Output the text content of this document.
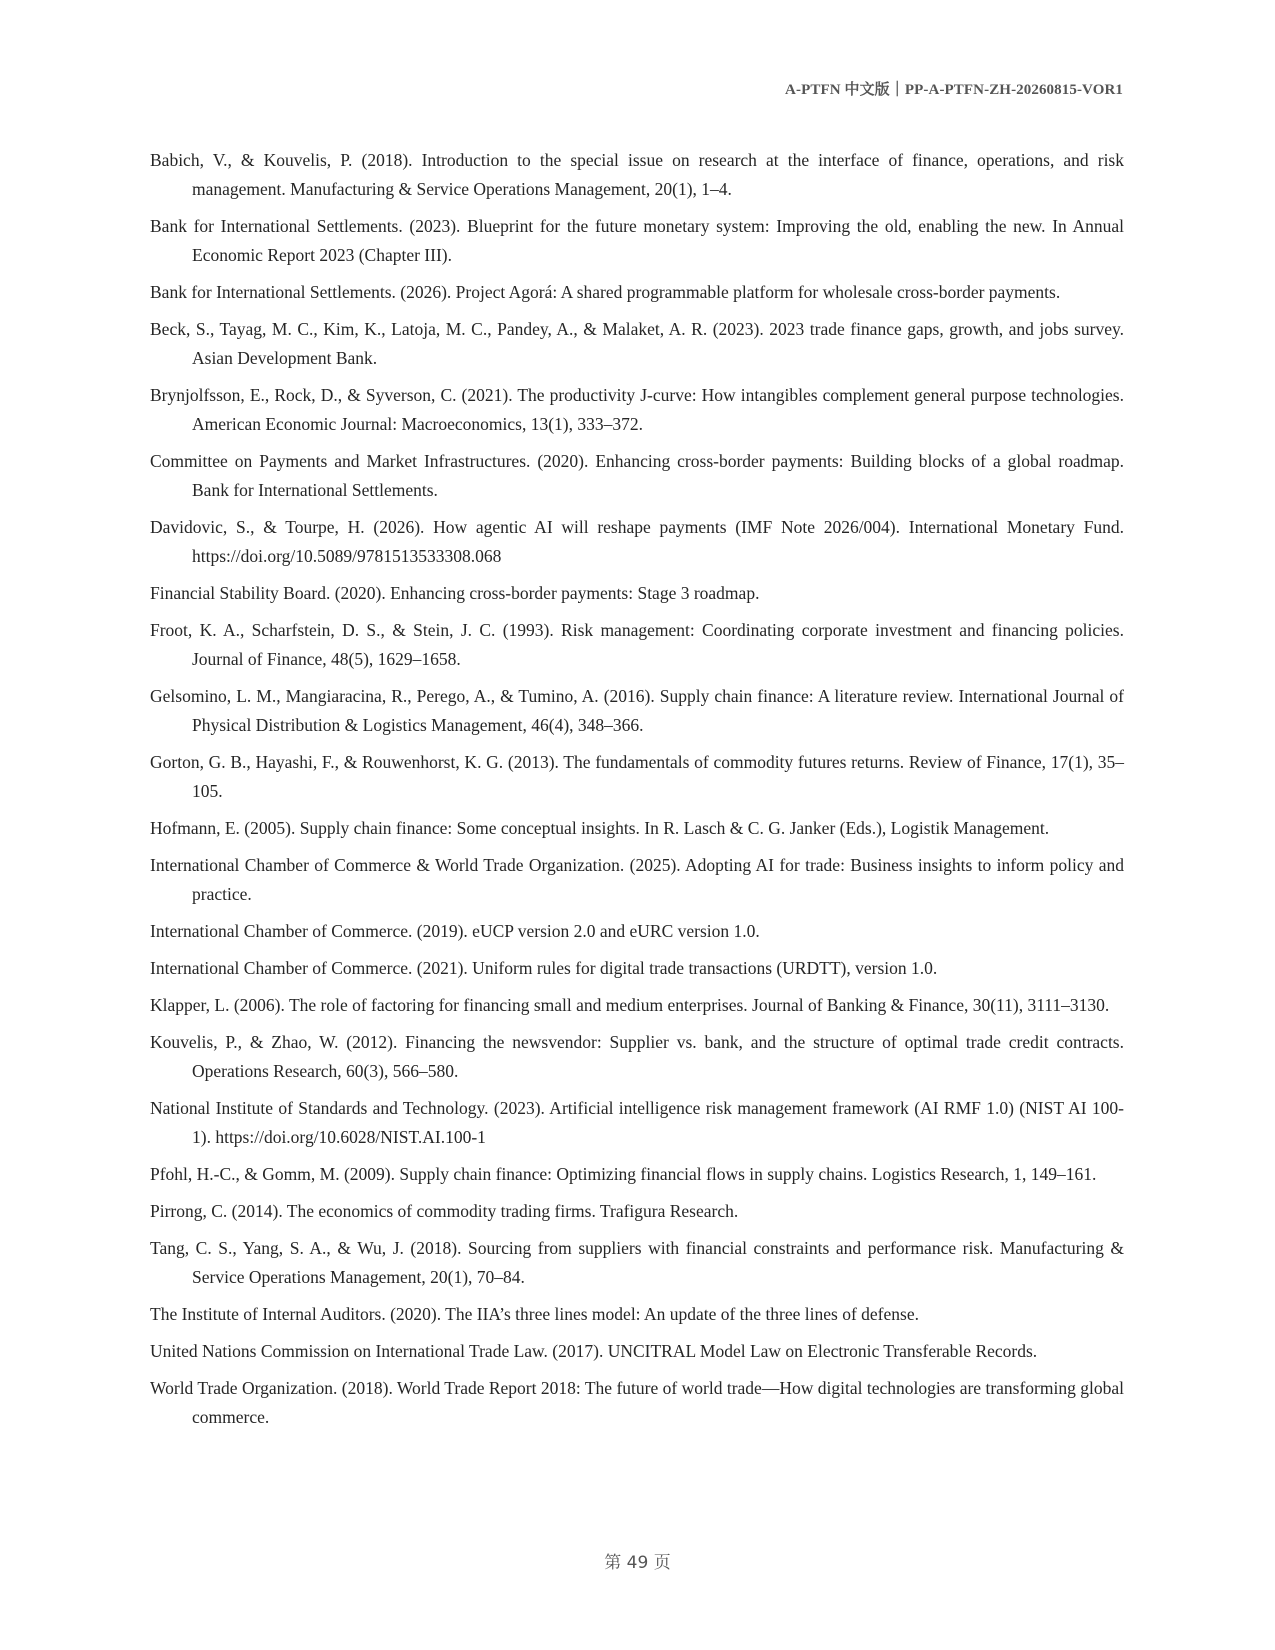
A-PTFN 中文版｜PP-A-PTFN-ZH-20260815-VOR1
Babich, V., & Kouvelis, P. (2018). Introduction to the special issue on research at the interface of finance, operations, and risk management. Manufacturing & Service Operations Management, 20(1), 1–4.
Bank for International Settlements. (2023). Blueprint for the future monetary system: Improving the old, enabling the new. In Annual Economic Report 2023 (Chapter III).
Bank for International Settlements. (2026). Project Agorá: A shared programmable platform for wholesale cross-border payments.
Beck, S., Tayag, M. C., Kim, K., Latoja, M. C., Pandey, A., & Malaket, A. R. (2023). 2023 trade finance gaps, growth, and jobs survey. Asian Development Bank.
Brynjolfsson, E., Rock, D., & Syverson, C. (2021). The productivity J-curve: How intangibles complement general purpose technologies. American Economic Journal: Macroeconomics, 13(1), 333–372.
Committee on Payments and Market Infrastructures. (2020). Enhancing cross-border payments: Building blocks of a global roadmap. Bank for International Settlements.
Davidovic, S., & Tourpe, H. (2026). How agentic AI will reshape payments (IMF Note 2026/004). International Monetary Fund. https://doi.org/10.5089/9781513533308.068
Financial Stability Board. (2020). Enhancing cross-border payments: Stage 3 roadmap.
Froot, K. A., Scharfstein, D. S., & Stein, J. C. (1993). Risk management: Coordinating corporate investment and financing policies. Journal of Finance, 48(5), 1629–1658.
Gelsomino, L. M., Mangiaracina, R., Perego, A., & Tumino, A. (2016). Supply chain finance: A literature review. International Journal of Physical Distribution & Logistics Management, 46(4), 348–366.
Gorton, G. B., Hayashi, F., & Rouwenhorst, K. G. (2013). The fundamentals of commodity futures returns. Review of Finance, 17(1), 35–105.
Hofmann, E. (2005). Supply chain finance: Some conceptual insights. In R. Lasch & C. G. Janker (Eds.), Logistik Management.
International Chamber of Commerce & World Trade Organization. (2025). Adopting AI for trade: Business insights to inform policy and practice.
International Chamber of Commerce. (2019). eUCP version 2.0 and eURC version 1.0.
International Chamber of Commerce. (2021). Uniform rules for digital trade transactions (URDTT), version 1.0.
Klapper, L. (2006). The role of factoring for financing small and medium enterprises. Journal of Banking & Finance, 30(11), 3111–3130.
Kouvelis, P., & Zhao, W. (2012). Financing the newsvendor: Supplier vs. bank, and the structure of optimal trade credit contracts. Operations Research, 60(3), 566–580.
National Institute of Standards and Technology. (2023). Artificial intelligence risk management framework (AI RMF 1.0) (NIST AI 100-1). https://doi.org/10.6028/NIST.AI.100-1
Pfohl, H.-C., & Gomm, M. (2009). Supply chain finance: Optimizing financial flows in supply chains. Logistics Research, 1, 149–161.
Pirrong, C. (2014). The economics of commodity trading firms. Trafigura Research.
Tang, C. S., Yang, S. A., & Wu, J. (2018). Sourcing from suppliers with financial constraints and performance risk. Manufacturing & Service Operations Management, 20(1), 70–84.
The Institute of Internal Auditors. (2020). The IIA’s three lines model: An update of the three lines of defense.
United Nations Commission on International Trade Law. (2017). UNCITRAL Model Law on Electronic Transferable Records.
World Trade Organization. (2018). World Trade Report 2018: The future of world trade—How digital technologies are transforming global commerce.
第 49 页
